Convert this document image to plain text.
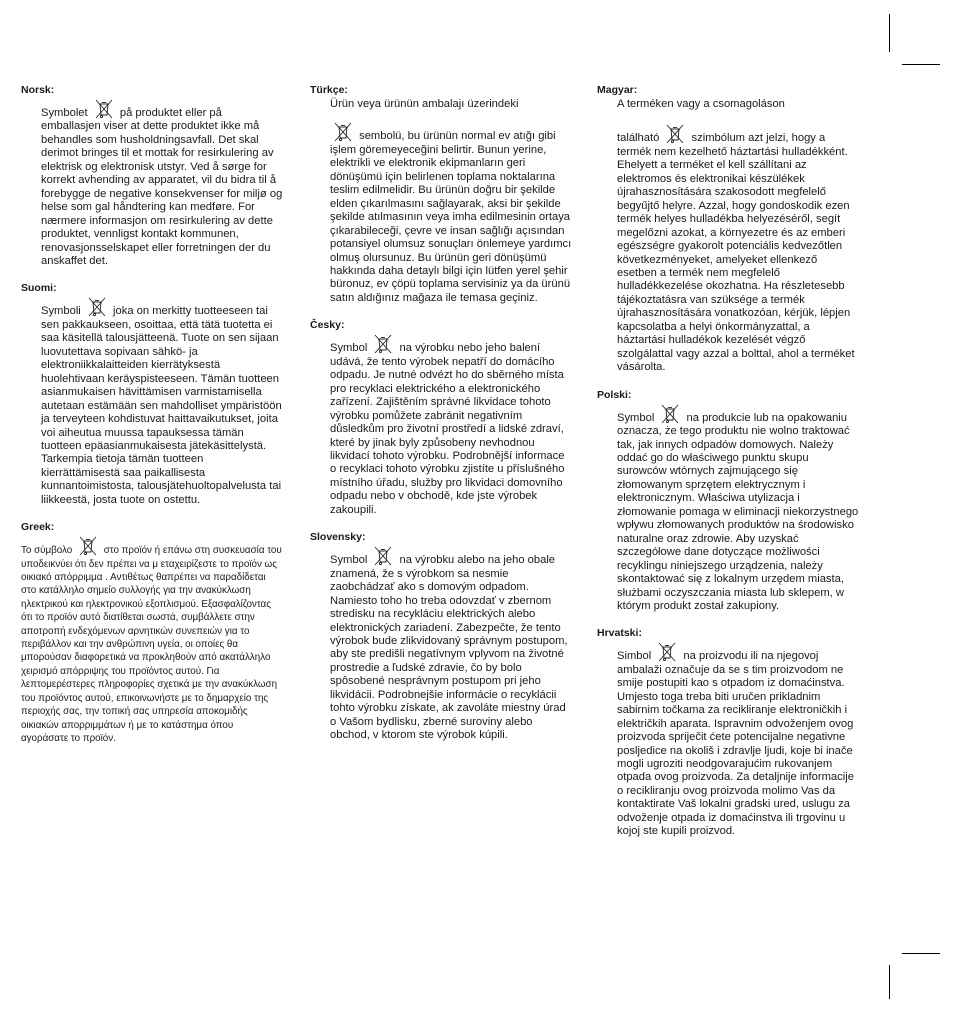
Norsk:
Symbolet	på produktet eller på emballasjen viser at dette produktet ikke må behandles som husholdningsavfall. Det skal derimot bringes til et mottak for resirkulering av elektrisk og elektronisk utstyr. Ved å sørge for korrekt avhending av apparatet, vil du bidra til å forebygge de negative konsekvenser for miljø og helse som gal håndtering kan medføre. For nærmere informasjon om resirkulering av dette produktet, vennligst kontakt kommunen, renovasjonsselskapet eller forretningen der du anskaffet det.
Suomi:
Symboli	joka on merkitty tuotteeseen tai sen pakkaukseen, osoittaa, että tätä tuotetta ei saa käsitellä talousjätteenä. Tuote on sen sijaan luovutettava sopivaan sähkö- ja elektroniikkalaitteiden kierrätyksestä huolehtivaan keräyspisteeseen. Tämän tuotteen asianmukaisen hävittämisen varmistamisella autetaan estämään sen mahdolliset ympäristöön ja terveyteen kohdistuvat haittavaikutukset, joita voi aiheutua muussa tapauksessa tämän tuotteen epäasianmukaisesta jätekäsittelystä. Tarkempia tietoja tämän tuotteen kierrättämisestä saa paikallisesta kunnantoimistosta, talousjätehuoltopalvelusta tai liikkeestä, josta tuote on ostettu.
Greek:
Το σύμβολο	στο προϊόν ή επάνω στη συσκευασία του υποδεικνύει ότι δεν πρέπει να μ εταχειρίζεστε το προϊόν ως οικιακό απόρριμμα . Αντιθέτως θαπρέπει να παραδίδεται στο κατάλληλο σημείο συλλογής για την ανακύκλωση ηλεκτρικού και ηλεκτρονικού εξοπλισμού. Εξασφαλίζοντας ότι το προϊόν αυτό διατίθεται σωστά, συμβάλλετε στην αποτροπή ενδεχόμενων αρνητικών συνεπειών για το περιβάλλον και την ανθρώπινη υγεία, οι οποίες θα μπορούσαν διαφορετικά να προκληθούν από ακατάλληλο χειρισμό απόρριψης του προϊόντος αυτού. Για λεπτομερέστερες πληροφορίες σχετικά με την ανακύκλωση του προϊόντος αυτού, επικοινωνήστε με το δημαρχείο της περιοχής σας, την τοπική σας υπηρεσία αποκομιδής οικιακών απορριμμάτων ή με το κατάστημα όπου αγοράσατε το προϊόν.
Türkçe:
Ürün veya ürünün ambalajı üzerindeki
sembolü, bu ürünün normal ev atığı gibi işlem göremeyeceğini belirtir. Bunun yerine, elektrikli ve elektronik ekipmanların geri dönüşümü için belirlenen toplama noktalarına teslim edilmelidir. Bu ürünün doğru bir şekilde elden çıkarılmasını sağlayarak, aksi bir şekilde şekilde atılmasının veya imha edilmesinin ortaya çıkarabileceği, çevre ve insan sağlığı açısından potansiyel olumsuz sonuçları önlemeye yardımcı olmuş olursunuz. Bu ürünün geri dönüşümü hakkında daha detaylı bilgi için lütfen yerel şehir büronuz, ev çöpü toplama servisiniz ya da ürünü satın aldığınız mağaza ile temasa geçiniz.
Česky:
Symbol	na výrobku nebo jeho balení udává, že tento výrobek nepatří do domácího odpadu. Je nutné odvézt ho do sběrného místa pro recyklaci elektrického a elektronického zařízení. Zajištěním správné likvidace tohoto výrobku pomůžete zabránit negativním důsledkům pro životní prostředí a lidské zdraví, které by jinak byly způsobeny nevhodnou likvidací tohoto výrobku. Podrobnější informace o recyklaci tohoto výrobku zjistíte u příslušného místního úřadu, služby pro likvidaci domovního odpadu nebo v obchodě, kde jste výrobek zakoupili.
Slovensky:
Symbol	na výrobku alebo na jeho obale znamená, že s výrobkom sa nesmie zaobchádzať ako s domovým odpadom. Namiesto toho ho treba odovzdať v zbernom stredisku na recykláciu elektrických alebo elektronických zariadení. Zabezpečte, že tento výrobok bude zlikvidovaný správnym postupom, aby ste predišli negatívnym vplyvom na životné prostredie a ľudské zdravie, čo by bolo spôsobené nesprávnym postupom pri jeho likvidácii. Podrobnejšie informácie o recyklácii tohto výrobku získate, ak zavoláte miestny úrad o Vašom bydlisku, zberné suroviny alebo obchod, v ktorom ste výrobok kúpili.
Magyar:
A terméken vagy a csomagoláson
található	szimbólum azt jelzi, hogy a termék nem kezelhető háztartási hulladékként. Ehelyett a terméket el kell szállítani az elektromos és elektronikai készülékek újrahasznosítására szakosodott megfelelő begyűjtő helyre. Azzal, hogy gondoskodik ezen termék helyes hulladékba helyezéséről, segít megelőzni azokat, a környezetre és az emberi egészségre gyakorolt potenciális kedvezőtlen következményeket, amelyeket ellenkező esetben a termék nem megfelelő hulladékkezelése okozhatna. Ha részletesebb tájékoztatásra van szüksége a termék újrahasznosítására vonatkozóan, kérjük, lépjen kapcsolatba a helyi önkormányzattal, a háztartási hulladékok kezelését végző szolgálattal vagy azzal a bolttal, ahol a terméket vásárolta.
Polski:
Symbol	na produkcie lub na opakowaniu oznacza, że tego produktu nie wolno traktować tak, jak innych odpadów domowych. Należy oddać go do właściwego punktu skupu surowców wtórnych zajmującego się złomowanym sprzętem elektrycznym i elektronicznym. Właściwa utylizacja i złomowanie pomaga w eliminacji niekorzystnego wpływu złomowanych produktów na środowisko naturalne oraz zdrowie. Aby uzyskać szczegółowe dane dotyczące możliwości recyklingu niniejszego urządzenia, należy skontaktować się z lokalnym urzędem miasta, służbami oczyszczania miasta lub sklepem, w którym produkt został zakupiony.
Hrvatski:
Simbol	na proizvodu ili na njegovoj ambalaži označuje da se s tim proizvodom ne smije postupiti kao s otpadom iz domaćinstva. Umjesto toga treba biti uručen prikladnim sabirnim točkama za recikliranje elektroničkih i električkih aparata. Ispravnim odvoženjem ovog proizvoda spriječit ćete potencijalne negativne posljedice na okoliš i zdravlje ljudi, koje bi inače mogli ugroziti neodgovarajućim rukovanjem otpada ovog proizvoda. Za detaljnije informacije o recikliranju ovog proizvoda molimo Vas da kontaktirate Vaš lokalni gradski ured, uslugu za odvoženje otpada iz domaćinstva ili trgovinu u kojoj ste kupili proizvod.
